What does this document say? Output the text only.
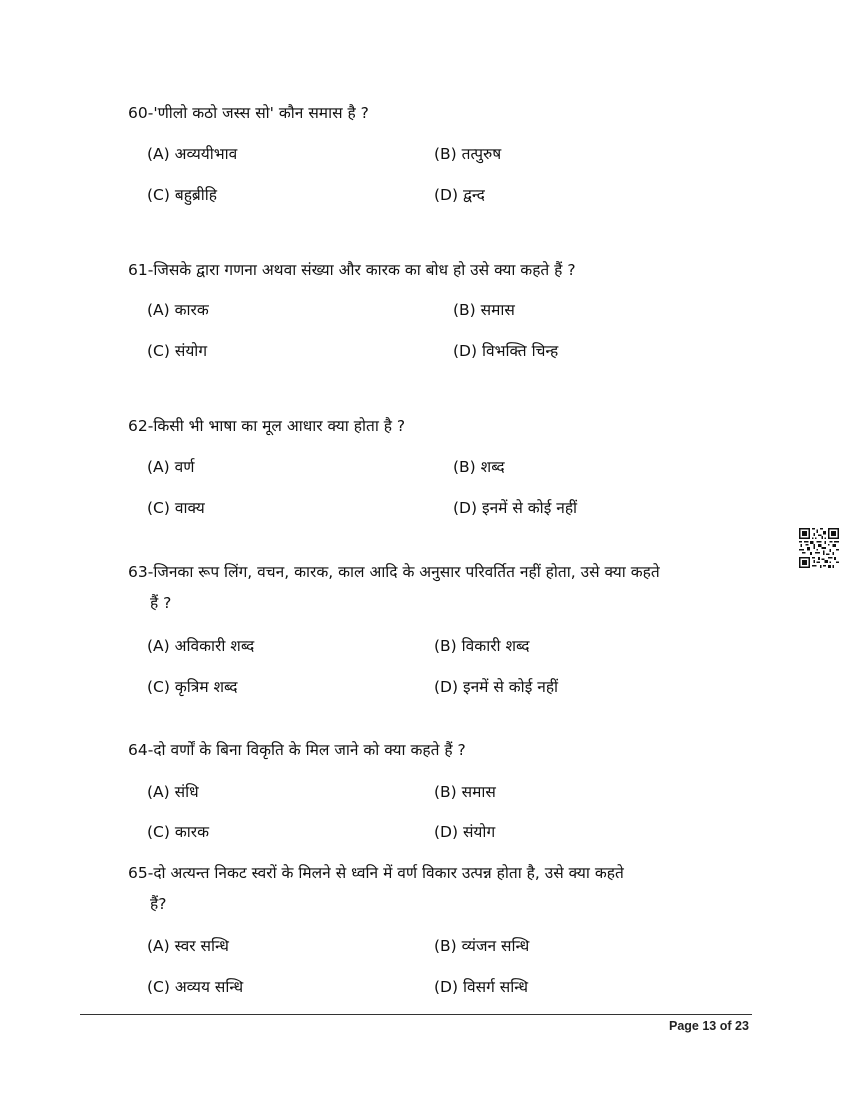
60-'णीलो कठो जस्स सो' कौन समास है ?
(A) अव्ययीभाव	(B) तत्पुरुष
(C) बहुब्रीहि	(D) द्वन्द
61-जिसके द्वारा गणना अथवा संख्या और कारक का बोध हो उसे क्या कहते हैं ?
(A) कारक	(B) समास
(C) संयोग	(D) विभक्ति चिन्ह
62-किसी भी भाषा का मूल आधार क्या होता है ?
(A) वर्ण	(B) शब्द
(C) वाक्य	(D) इनमें से कोई नहीं
63-जिनका रूप लिंग, वचन, कारक, काल आदि के अनुसार परिवर्तित नहीं होता, उसे क्या कहते
हैं ?
(A) अविकारी शब्द	(B) विकारी शब्द
(C) कृत्रिम शब्द	(D) इनमें से कोई नहीं
64-दो वर्णों के बिना विकृति के मिल जाने को क्या कहते हैं ?
(A) संधि	(B) समास
(C) कारक	(D) संयोग
65-दो अत्यन्त निकट स्वरों के मिलने से ध्वनि में वर्ण विकार उत्पन्न होता है, उसे क्या कहते
हैं?
(A) स्वर सन्धि	(B) व्यंजन सन्धि
(C) अव्यय सन्धि	(D) विसर्ग सन्धि
Page 13 of 23
